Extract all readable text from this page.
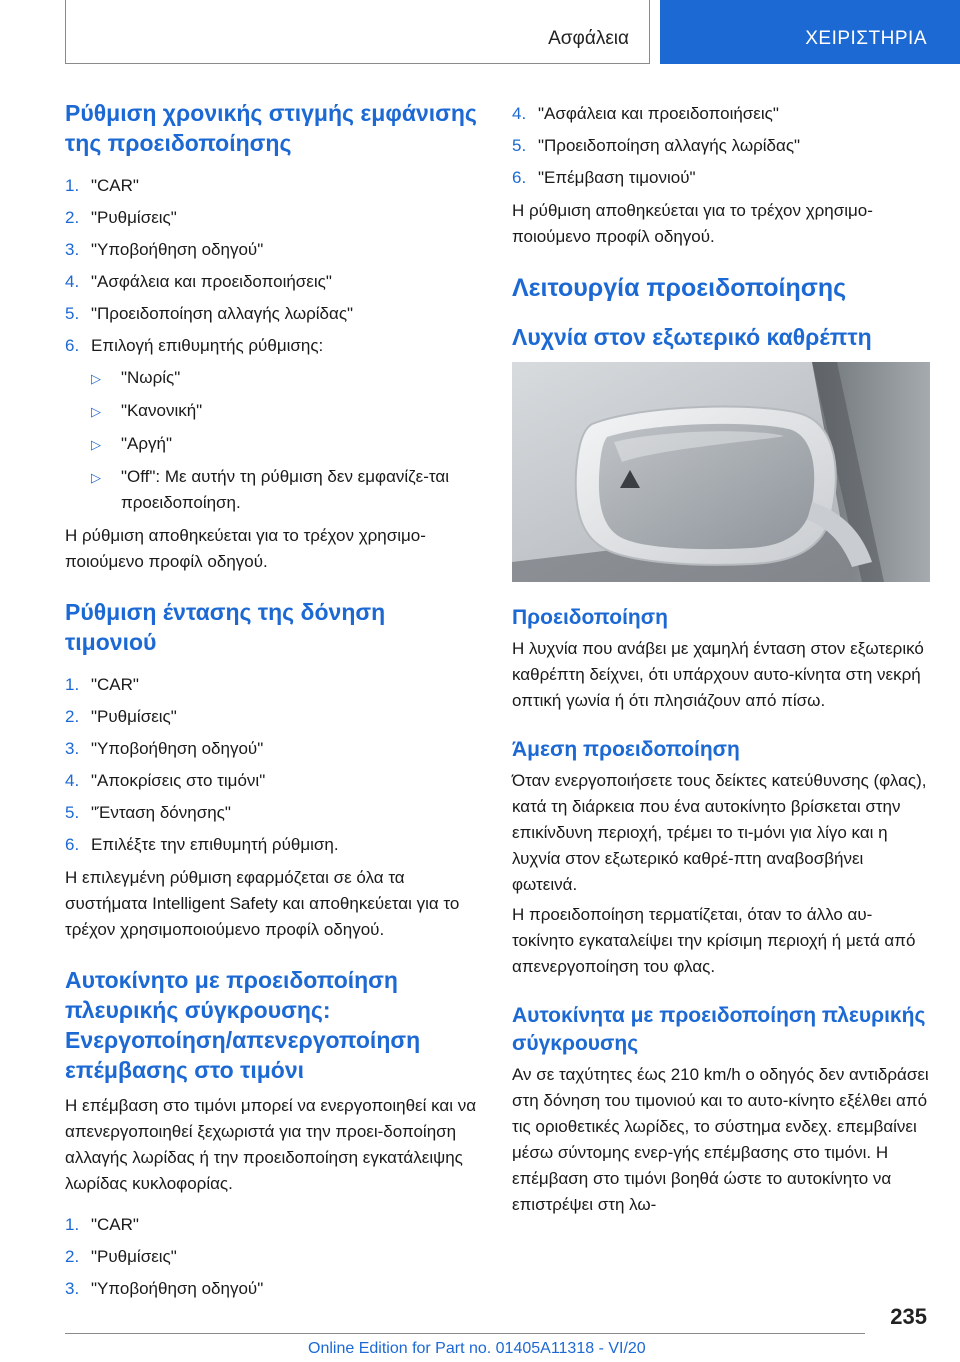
Ασφάλεια	ΧΕΙΡΙΣΤΗΡΙΑ
Ρύθμιση χρονικής στιγμής εμφάνισης της προειδοποίησης
1. "CAR"
2. "Ρυθμίσεις"
3. "Υποβοήθηση οδηγού"
4. "Ασφάλεια και προειδοποιήσεις"
5. "Προειδοποίηση αλλαγής λωρίδας"
6. Επιλογή επιθυμητής ρύθμισης:
▷	"Νωρίς"
▷	"Κανονική"
▷	"Αργή"
▷	"Off": Με αυτήν τη ρύθμιση δεν εμφανίζε-ται προειδοποίηση.

Η ρύθμιση αποθηκεύεται για το τρέχον χρησιμο-ποιούμενο προφίλ οδηγού.

Ρύθμιση έντασης της δόνηση τιμονιού
1. "CAR"
2. "Ρυθμίσεις"
3. "Υποβοήθηση οδηγού"
4. "Αποκρίσεις στο τιμόνι"
5. "Ένταση δόνησης"
6. Επιλέξτε την επιθυμητή ρύθμιση.

Η επιλεγμένη ρύθμιση εφαρμόζεται σε όλα τα συστήματα Intelligent Safety και αποθηκεύεται για το τρέχον χρησιμοποιούμενο προφίλ οδηγού.

Αυτοκίνητο με προειδοποίηση πλευρικής σύγκρουσης: Ενεργοποίηση/απενεργοποίηση επέμβασης στο τιμόνι

Η επέμβαση στο τιμόνι μπορεί να ενεργοποιηθεί και να απενεργοποιηθεί ξεχωριστά για την προει-δοποίηση αλλαγής λωρίδας ή την προειδοποίηση εγκατάλειψης λωρίδας κυκλοφορίας.

1. "CAR"
2. "Ρυθμίσεις"
3. "Υποβοήθηση οδηγού"
4. "Ασφάλεια και προειδοποιήσεις"
5. "Προειδοποίηση αλλαγής λωρίδας"
6. "Επέμβαση τιμονιού"

Η ρύθμιση αποθηκεύεται για το τρέχον χρησιμο-ποιούμενο προφίλ οδηγού.

Λειτουργία προειδοποίησης
Λυχνία στον εξωτερικό καθρέπτη
Προειδοποίηση

Η λυχνία που ανάβει με χαμηλή ένταση στον εξωτερικό καθρέπτη δείχνει, ότι υπάρχουν αυτο-κίνητα στη νεκρή οπτική γωνία ή ότι πλησιάζουν από πίσω.

Άμεση προειδοποίηση

Όταν ενεργοποιήσετε τους δείκτες κατεύθυνσης (φλας), κατά τη διάρκεια που ένα αυτοκίνητο βρίσκεται στην επικίνδυνη περιοχή, τρέμει το τι-μόνι για λίγο και η λυχνία στον εξωτερικό καθρέ-πτη αναβοσβήνει φωτεινά.

Η προειδοποίηση τερματίζεται, όταν το άλλο αυ-τοκίνητο εγκαταλείψει την κρίσιμη περιοχή ή μετά από απενεργοποίηση του φλας.

Αυτοκίνητα με προειδοποίηση πλευρικής σύγκρουσης

Αν σε ταχύτητες έως 210 km/h ο οδηγός δεν αντιδράσει στη δόνηση του τιμονιού και το αυτο-κίνητο εξέλθει από τις οριοθετικές λωρίδες, το σύστημα ενδεχ. επεμβαίνει μέσω σύντομης ενερ-γής επέμβασης στο τιμόνι. Η επέμβαση στο τιμόνι βοηθά ώστε το αυτοκίνητο να επιστρέψει στη λω-

235
Online Edition for Part no. 01405A11318 - VI/20
